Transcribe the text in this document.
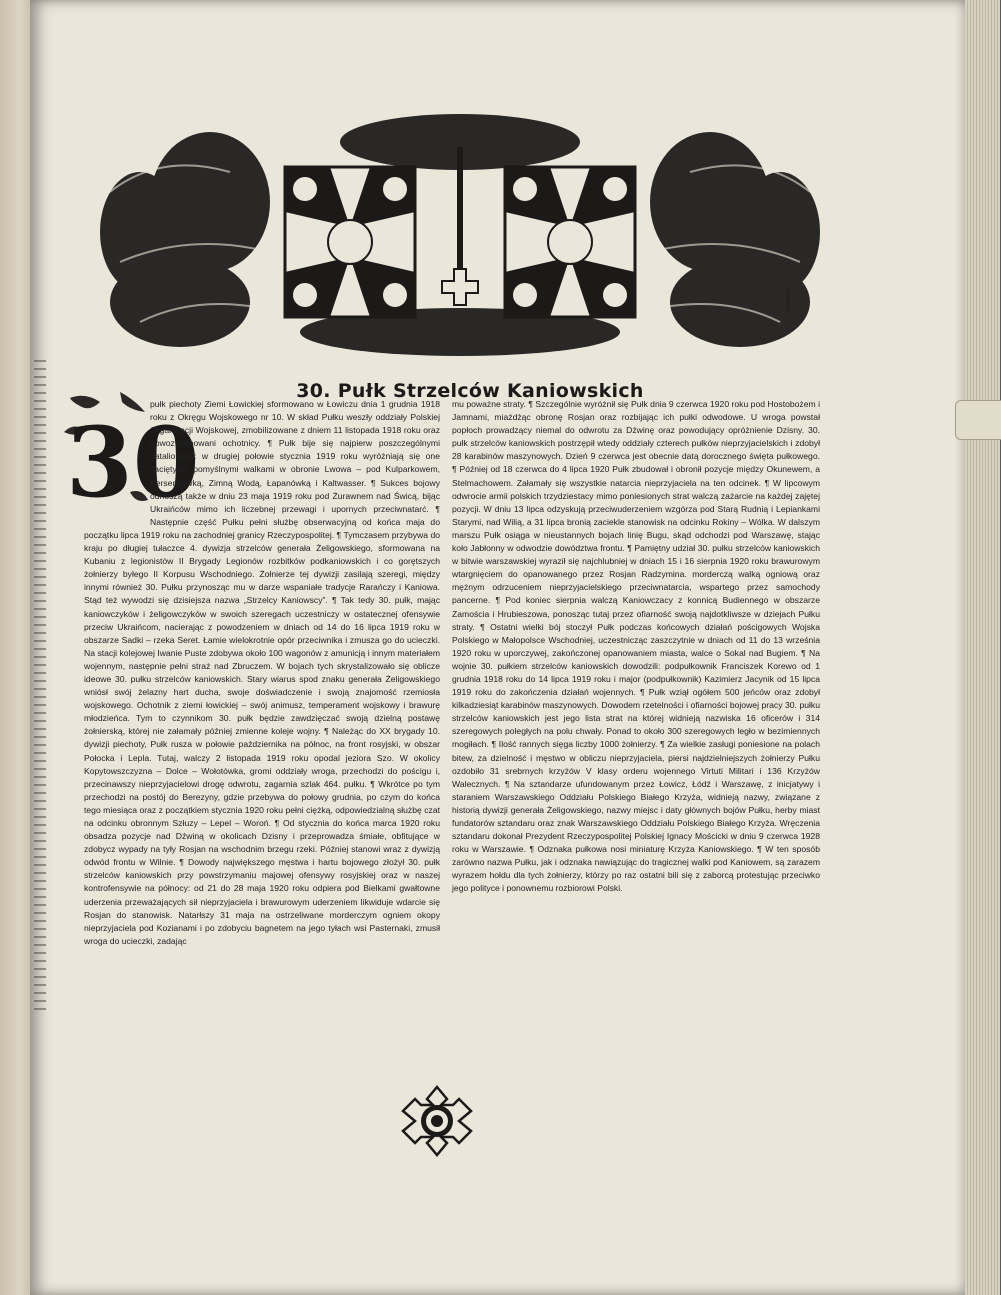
SIKAWICZ
30. Pułk Strzelców Kaniowskich
30

pułk piechoty Ziemi Łowickiej sformowano w Łowiczu dnia 1 grudnia 1918 roku z Okręgu Wojskowego nr 10. W skład Pułku weszły oddziały Polskiej Organizacji Wojskowej, zmobilizowane z dniem 11 listopada 1918 roku oraz nowozwerbowani ochotnicy. ¶ Pułk bije się najpierw poszczególnymi batalionami: w drugiej połowie stycznia 1919 roku wyróżniają się one zaciętymi, pomyślnymi walkami w obronie Lwowa – pod Kulparkowem, Persenkówką, Zimną Wodą, Łapanówką i Kaltwasser. ¶ Sukces bojowy odnoszą także w dniu 23 maja 1919 roku pod Żurawnem nad Świcą, bijąc Ukraińców mimo ich liczebnej przewagi i upornych przeciwnatarć. ¶ Następnie część Pułku pełni służbę obserwacyjną od końca maja do początku lipca 1919 roku na zachodniej granicy Rzeczypospolitej. ¶ Tymczasem przybywa do kraju po długiej tułaczce 4. dywizja strzelców generała Żeligowskiego, sformowana na Kubaniu z legionistów II Brygady Legionów rozbitków podkaniowskich i co gorętszych żołnierzy byłego II Korpusu Wschodniego. Żołnierze tej dywizji zasilają szeregi, między innymi również 30. Pułku przynosząc mu w darze wspaniałe tradycje Rarańczy i Kaniowa. Stąd też wywodzi się dzisiejsza nazwa „Strzelcy Kaniowscy”. ¶ Tak tedy 30. pułk, mając kaniowczyków i żeligowczyków w swoich szeregach uczestniczy w ostatecznej ofensywie przeciw Ukraińcom, nacierając z powodzeniem w dniach od 14 do 16 lipca 1919 roku w obszarze Sadki – rzeka Seret. Łamie wielokrotnie opór przeciwnika i zmusza go do ucieczki. Na stacji kolejowej Iwanie Puste zdobywa około 100 wagonów z amunicją i innym materiałem wojennym, następnie pełni straż nad Zbruczem. W bojach tych skrystalizowało się oblicze ideowe 30. pułku strzelców kaniowskich. Stary wiarus spod znaku generała Żeligowskiego wniósł swój żelazny hart ducha, swoje doświadczenie i swoją znajomość rzemiosła wojskowego. Ochotnik z ziemi łowickiej – swój animusz, temperament wojskowy i brawurę młodzieńca. Tym to czynnikom 30. pułk będzie zawdzięczać swoją dzielną postawę żołnierską, której nie załamały później zmienne koleje wojny. ¶ Należąc do XX brygady 10. dywizji piechoty, Pułk rusza w połowie października na północ, na front rosyjski, w obszar Połocka i Lepla. Tutaj, walczy 2 listopada 1919 roku opodal jeziora Szo. W okolicy Kopytowszczyzna – Dolce – Wołotówka, gromi oddziały wroga, przechodzi do pościgu i, przecinawszy nieprzyjacielowi drogę odwrotu, zagarnia szlak 464. pułku. ¶ Wkrótce po tym przechodzi na postój do Berezyny, gdzie przebywa do połowy grudnia, po czym do końca tego miesiąca oraz z początkiem stycznia 1920 roku pełni ciężką, odpowiedzialną służbę czat na odcinku obronnym Szłuzy – Lepel – Woroń. ¶ Od stycznia do końca marca 1920 roku obsadza pozycje nad Dźwiną w okolicach Dzisny i przeprowadza śmiałe, obfitujące w zdobycz wypady na tyły Rosjan na wschodnim brzegu rzeki. Później stanowi wraz z dywizją odwód frontu w Wilnie. ¶ Dowody największego męstwa i hartu bojowego złożył 30. pułk strzelców kaniowskich przy powstrzymaniu majowej ofensywy rosyjskiej oraz w naszej kontrofensywie na północy: od 21 do 28 maja 1920 roku odpiera pod Bielkami gwałtowne uderzenia przeważających sił nieprzyjaciela i brawurowym uderzeniem likwiduje wdarcie się Rosjan do stanowisk. Natarłszy 31 maja na ostrzeliwane morderczym ogniem okopy nieprzyjaciela pod Kozianami i po zdobyciu bagnetem na jego tyłach wsi Pasternaki, zmusił wroga do ucieczki, zadając

mu poważne straty. ¶ Szczególnie wyróżnił się Pułk dnia 9 czerwca 1920 roku pod Hostobożem i Jamnami, miażdżąc obronę Rosjan oraz rozbijając ich pułki odwodowe. U wroga powstał popłoch prowadzący niemal do odwrotu za Dźwinę oraz powodujący opróżnienie Dzisny. 30. pułk strzelców kaniowskich postrzępił wtedy oddziały czterech pułków nieprzyjacielskich i zdobył 28 karabinów maszynowych. Dzień 9 czerwca jest obecnie datą dorocznego święta pułkowego. ¶ Później od 18 czerwca do 4 lipca 1920 Pułk zbudował i obronił pozycje między Okunewem, a Stelmachowem. Załamały się wszystkie natarcia nieprzyjaciela na ten odcinek. ¶ W lipcowym odwrocie armii polskich trzydziestacy mimo poniesionych strat walczą zażarcie na każdej zajętej pozycji. W dniu 13 lipca odzyskują przeciwuderzeniem wzgórza pod Starą Rudnią i Lepiankami Starymi, nad Wilią, a 31 lipca bronią zaciekle stanowisk na odcinku Rokiny – Wólka. W dalszym marszu Pułk osiąga w nieustannych bojach linię Bugu, skąd odchodzi pod Warszawę, stając koło Jabłonny w odwodzie dowództwa frontu. ¶ Pamiętny udział 30. pułku strzelców kaniowskich w bitwie warszawskiej wyraził się najchlubniej w dniach 15 i 16 sierpnia 1920 roku brawurowym wtargnięciem do opanowanego przez Rosjan Radzymina. morderczą walką ogniową oraz mężnym odrzuceniem nieprzyjacielskiego przeciwnatarcia, wspartego przez samochody pancerne. ¶ Pod koniec sierpnia walczą Kaniowczacy z konnicą Budiennego w obszarze Zamościa i Hrubieszowa, ponosząc tutaj przez ofiarność swoją najdotkliwsze w dziejach Pułku straty. ¶ Ostatni wielki bój stoczył Pułk podczas końcowych działań pościgowych Wojska Polskiego w Małopolsce Wschodniej, uczestnicząc zaszczytnie w dniach od 11 do 13 września 1920 roku w uporczywej, zakończonej opanowaniem miasta, walce o Sokal nad Bugiem. ¶ Na wojnie 30. pułkiem strzelców kaniowskich dowodzili: podpułkownik Franciszek Korewo od 1 grudnia 1918 roku do 14 lipca 1919 roku i major (podpułkownik) Kazimierz Jacynik od 15 lipca 1919 roku do zakończenia działań wojennych. ¶ Pułk wziął ogółem 500 jeńców oraz zdobył kilkadziesiąt karabinów maszynowych. Dowodem rzetelności i ofiarności bojowej pracy 30. pułku strzelców kaniowskich jest jego lista strat na której widnieją nazwiska 16 oficerów i 314 szeregowych poległych na polu chwały. Ponad to około 300 szeregowych legło w bezimiennych mogiłach. ¶ Ilość rannych sięga liczby 1000 żołnierzy. ¶ Za wielkie zasługi poniesione na polach bitew, za dzielność i męstwo w obliczu nieprzyjaciela, piersi najdzielniejszych żołnierzy Pułku ozdobiło 31 srebrnych krzyżów V klasy orderu wojennego Virtuti Militari i 136 Krzyżów Walecznych. ¶ Na sztandarze ufundowanym przez Łowicz, Łódź i Warszawę, z inicjatywy i staraniem Warszawskiego Oddziału Polskiego Białego Krzyża, widnieją nazwy, związane z historią dywizji generała Żeligowskiego, nazwy miejsc i daty głównych bojów Pułku, herby miast fundatorów sztandaru oraz znak Warszawskiego Oddziału Polskiego Białego Krzyża. Wręczenia sztandaru dokonał Prezydent Rzeczypospolitej Polskiej Ignacy Mościcki w dniu 9 czerwca 1928 roku w Warszawie. ¶ Odznaka pułkowa nosi miniaturę Krzyża Kaniowskiego. ¶ W ten sposób zarówno nazwa Pułku, jak i odznaka nawiązując do tragicznej walki pod Kaniowem, są zarazem wyrazem hołdu dla tych żołnierzy, którzy po raz ostatni bili się z zaborcą protestując przeciwko jego polityce i ponownemu rozbiorowi Polski.
